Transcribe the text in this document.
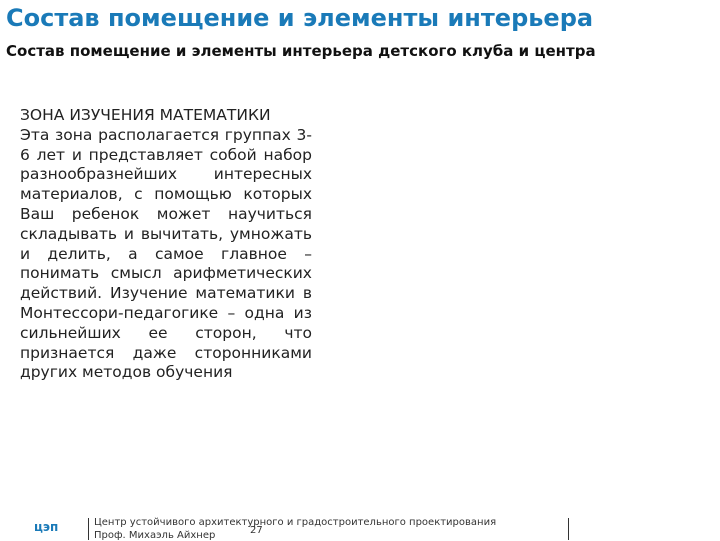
Состав помещение и элементы интерьера
Состав помещение и элементы интерьера детского клуба и центра
ЗОНА ИЗУЧЕНИЯ МАТЕМАТИКИ
Эта зона располагается группах 3-6 лет и представляет собой набор разнообразнейших интересных материалов, с помощью которых Ваш ребенок может научиться складывать и вычитать, умножать и делить, а самое главное – понимать смысл арифметических действий. Изучение математики в Монтессори-педагогике – одна из сильнейших ее сторон, что признается даже сторонниками других методов обучения
цэп	Центр устойчивого архитектурного и градостроительного проектирования
Проф. Михаэль Айхнер	27
